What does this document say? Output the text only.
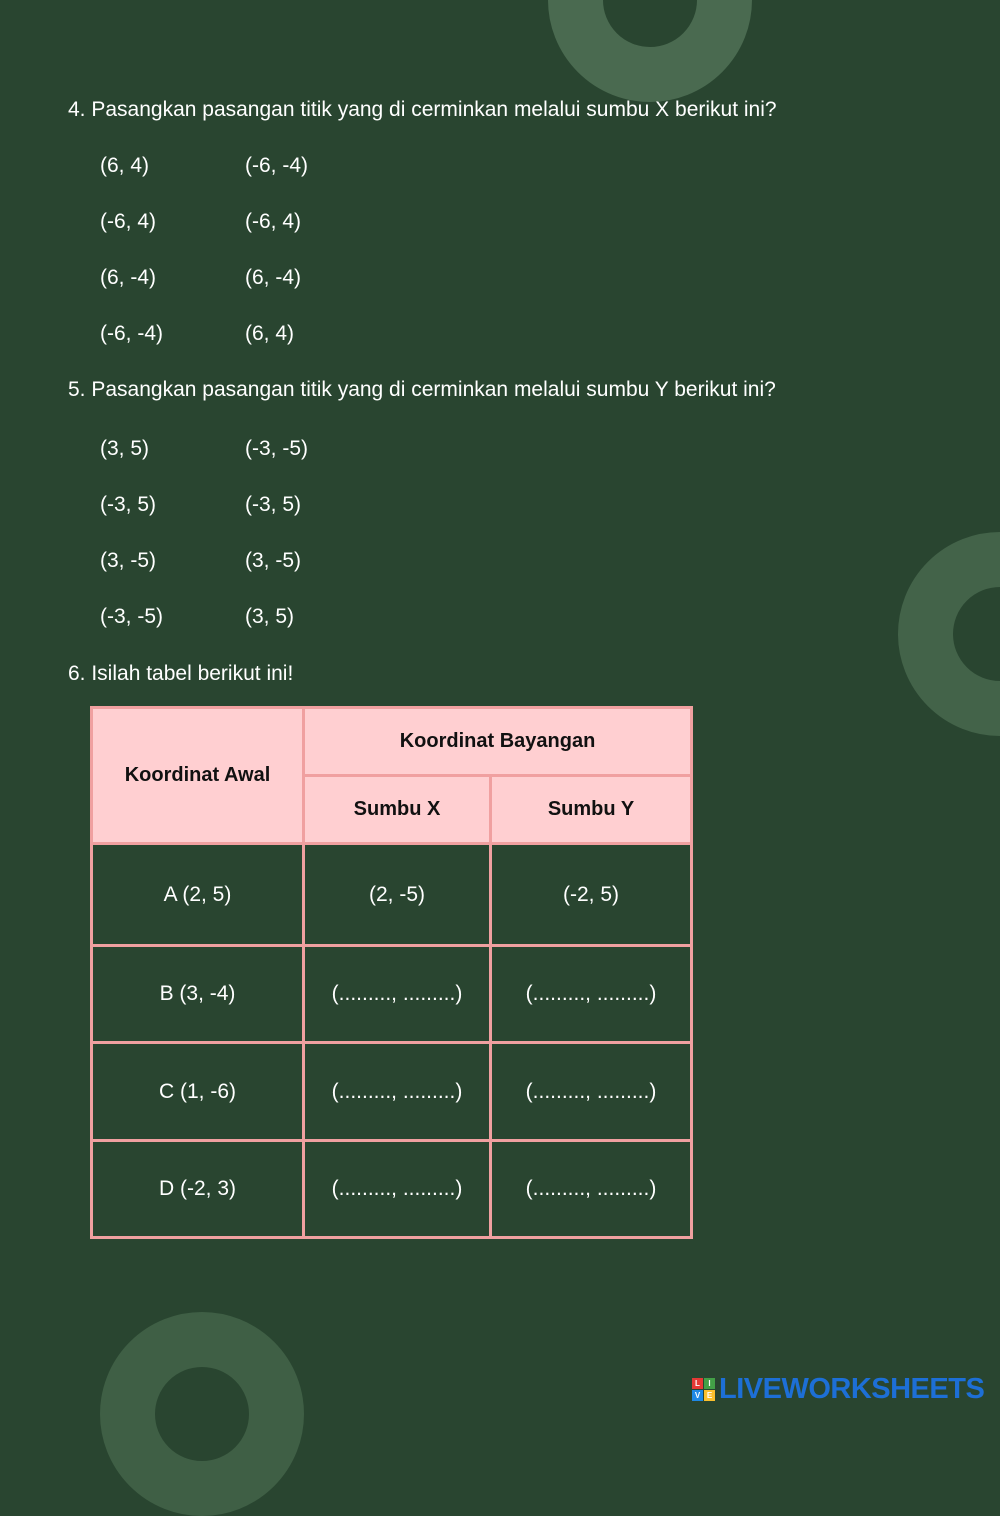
4. Pasangkan pasangan titik yang di cerminkan melalui sumbu X berikut ini?

(6, 4)	(-6, -4)
(-6, 4)	(-6, 4)
(6, -4)	(6, -4)
(-6, -4)	(6, 4)

5. Pasangkan pasangan titik yang di cerminkan melalui sumbu Y berikut ini?

(3, 5)	(-3, -5)
(-3, 5)	(-3, 5)
(3, -5)	(3, -5)
(-3, -5)	(3, 5)

6. Isilah tabel berikut ini!

Koordinat Awal	Koordinat Bayangan	
	Sumbu X	Sumbu Y
A (2, 5)	(2, -5)	(-2, 5)
B (3, -4)	(........., .........)	(........., .........)
C (1, -6)	(........., .........)	(........., .........)
D (-2, 3)	(........., .........)	(........., .........)
L	I
V E LIVEWORKSHEETS
